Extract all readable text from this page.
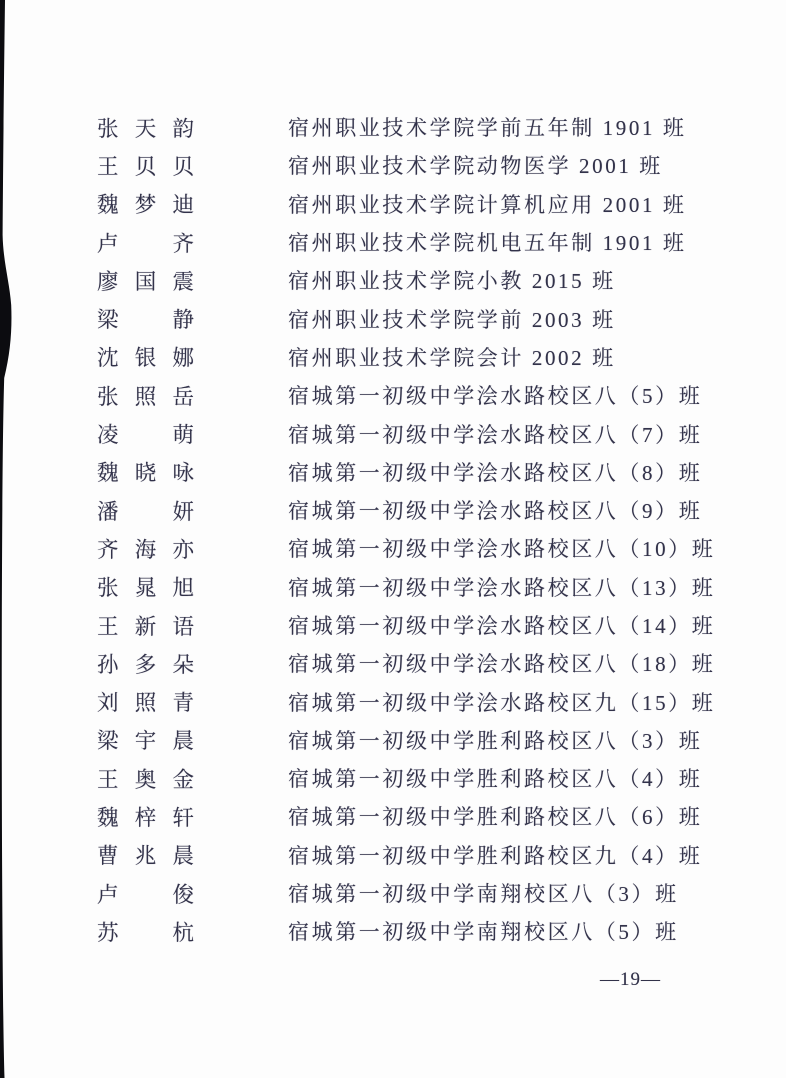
张天韵	宿州职业技术学院学前五年制 1901 班
王贝贝	宿州职业技术学院动物医学 2001 班
魏梦迪	宿州职业技术学院计算机应用 2001 班
卢　齐	宿州职业技术学院机电五年制 1901 班
廖国震	宿州职业技术学院小教 2015 班
梁　静	宿州职业技术学院学前 2003 班
沈银娜	宿州职业技术学院会计 2002 班
张照岳	宿城第一初级中学浍水路校区八（5）班
凌　萌	宿城第一初级中学浍水路校区八（7）班
魏晓咏	宿城第一初级中学浍水路校区八（8）班
潘　妍	宿城第一初级中学浍水路校区八（9）班
齐海亦	宿城第一初级中学浍水路校区八（10）班
张晁旭	宿城第一初级中学浍水路校区八（13）班
王新语	宿城第一初级中学浍水路校区八（14）班
孙多朵	宿城第一初级中学浍水路校区八（18）班
刘照青	宿城第一初级中学浍水路校区九（15）班
梁宇晨	宿城第一初级中学胜利路校区八（3）班
王奥金	宿城第一初级中学胜利路校区八（4）班
魏梓轩	宿城第一初级中学胜利路校区八（6）班
曹兆晨	宿城第一初级中学胜利路校区九（4）班
卢　俊	宿城第一初级中学南翔校区八（3）班
苏　杭	宿城第一初级中学南翔校区八（5）班
—19—
